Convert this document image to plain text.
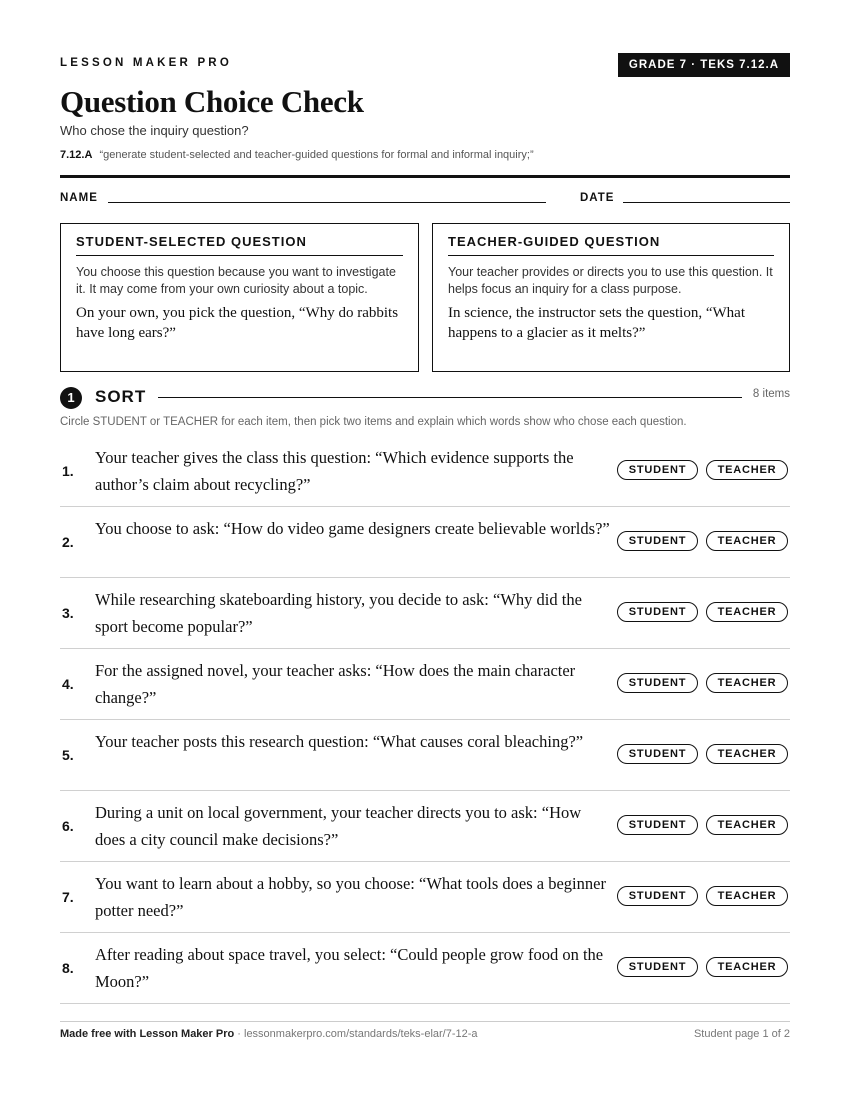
LESSON MAKER PRO	GRADE 7 · TEKS 7.12.A
Question Choice Check
Who chose the inquiry question?
7.12.A “generate student-selected and teacher-guided questions for formal and informal inquiry;”
NAME	DATE
STUDENT-SELECTED QUESTION
You choose this question because you want to investigate it. It may come from your own curiosity about a topic.
On your own, you pick the question, “Why do rabbits have long ears?”
TEACHER-GUIDED QUESTION
Your teacher provides or directs you to use this question. It helps focus an inquiry for a class purpose.
In science, the instructor sets the question, “What happens to a glacier as it melts?”
1	SORT	8 items
Circle STUDENT or TEACHER for each item, then pick two items and explain which words show who chose each question.
1.
Your teacher gives the class this question: “Which evidence supports the author’s claim about recycling?”
STUDENT	TEACHER
2.
You choose to ask: “How do video game designers create believable worlds?”
STUDENT	TEACHER
3.
While researching skateboarding history, you decide to ask: “Why did the sport become popular?”
STUDENT	TEACHER
4.
For the assigned novel, your teacher asks: “How does the main character change?”
STUDENT	TEACHER
5.
Your teacher posts this research question: “What causes coral bleaching?”
STUDENT	TEACHER
6.
During a unit on local government, your teacher directs you to ask: “How does a city council make decisions?”
STUDENT	TEACHER
7.
You want to learn about a hobby, so you choose: “What tools does a beginner potter need?”
STUDENT	TEACHER
8.
After reading about space travel, you select: “Could people grow food on the Moon?”
STUDENT	TEACHER
Made free with Lesson Maker Pro · lessonmakerpro.com/standards/teks-elar/7-12-a	Student page 1 of 2
